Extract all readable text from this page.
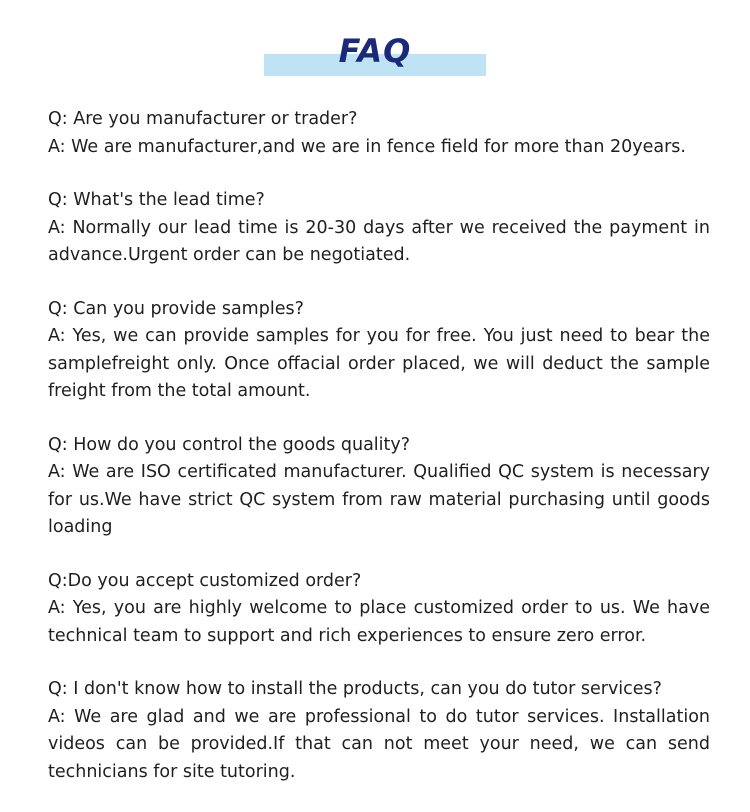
FAQ

Q: Are you manufacturer or trader?

A: We are manufacturer,and we are in fence field for more than 20years.

Q: What's the lead time?

A: Normally our lead time is 20-30 days after we received the payment in advance.Urgent order can be negotiated.

Q: Can you provide samples?

A: Yes, we can provide samples for you for free. You just need to bear the samplefreight only. Once offacial order placed, we will deduct the sample freight from the total amount.

Q: How do you control the goods quality?

A: We are ISO certificated manufacturer. Qualified QC system is necessary for us.We have strict QC system from raw material purchasing until goods loading

Q:Do you accept customized order?

A: Yes, you are highly welcome to place customized order to us. We have technical team to support and rich experiences to ensure zero error.

Q: I don't know how to install the products, can you do tutor services?

A: We are glad and we are professional to do tutor services. Installation videos can be provided.If that can not meet your need, we can send technicians for site tutoring.
